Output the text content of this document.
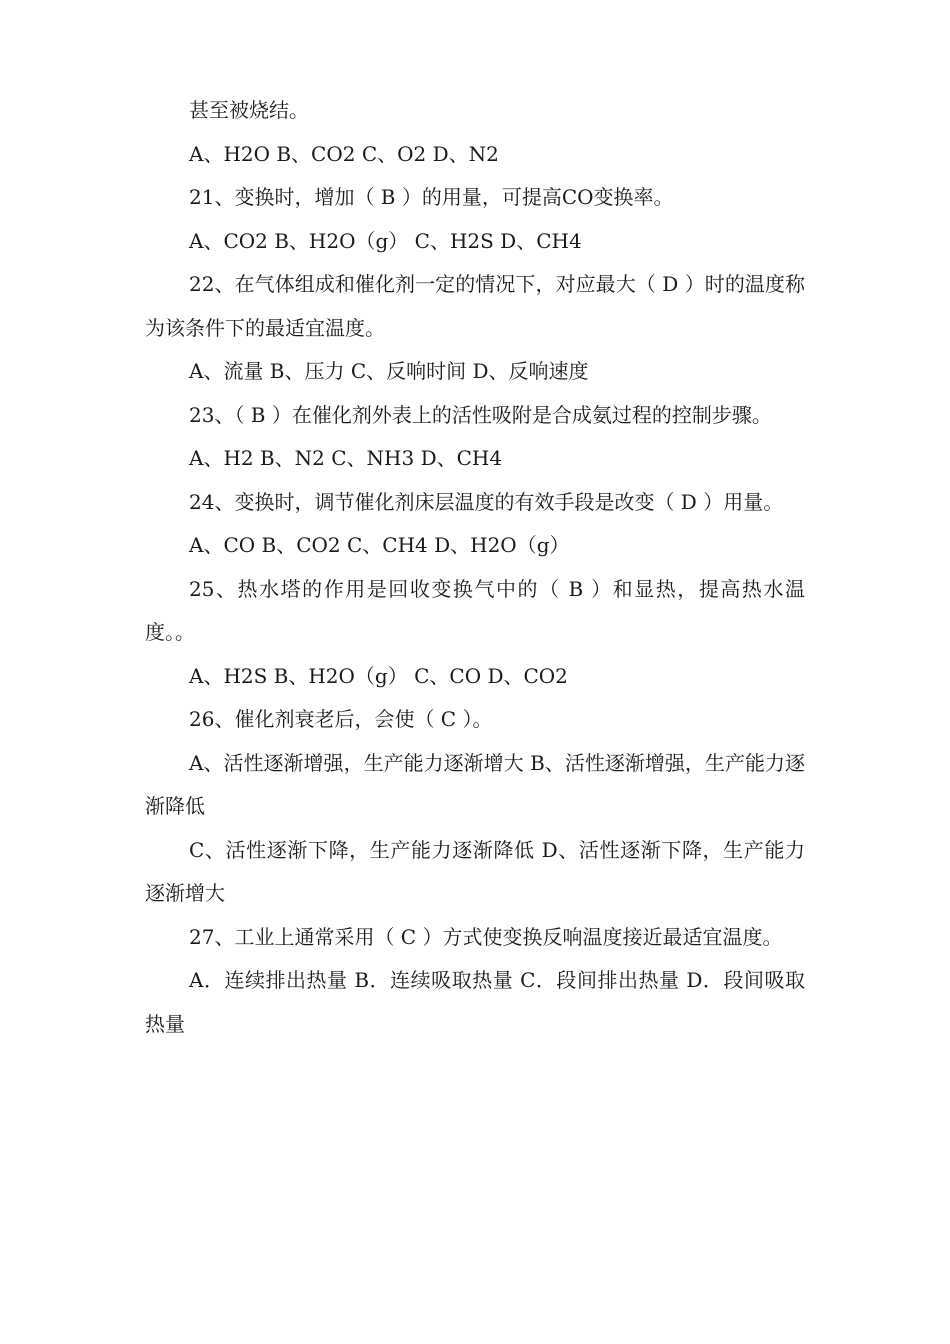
甚至被烧结。

A、H2O B、CO2 C、O2 D、N2

21、变换时，增加（ B ）的用量，可提高CO变换率。

A、CO2 B、H2O（g） C、H2S D、CH4

22、在气体组成和催化剂一定的情况下，对应最大（ D ）时的温度称为该条件下的最适宜温度。

A、流量 B、压力 C、反响时间 D、反响速度

23、（ B ）在催化剂外表上的活性吸附是合成氨过程的控制步骤。

A、H2 B、N2 C、NH3 D、CH4

24、变换时，调节催化剂床层温度的有效手段是改变（ D ）用量。

A、CO B、CO2 C、CH4 D、H2O（g）

25、热水塔的作用是回收变换气中的（ B ）和显热，提高热水温度。。

A、H2S B、H2O（g） C、CO D、CO2

26、催化剂衰老后，会使（ C ）。

A、活性逐渐增强，生产能力逐渐增大 B、活性逐渐增强，生产能力逐渐降低

C、活性逐渐下降，生产能力逐渐降低 D、活性逐渐下降，生产能力逐渐增大

27、工业上通常采用（ C ）方式使变换反响温度接近最适宜温度。

A．连续排出热量 B．连续吸取热量 C．段间排出热量 D．段间吸取热量
